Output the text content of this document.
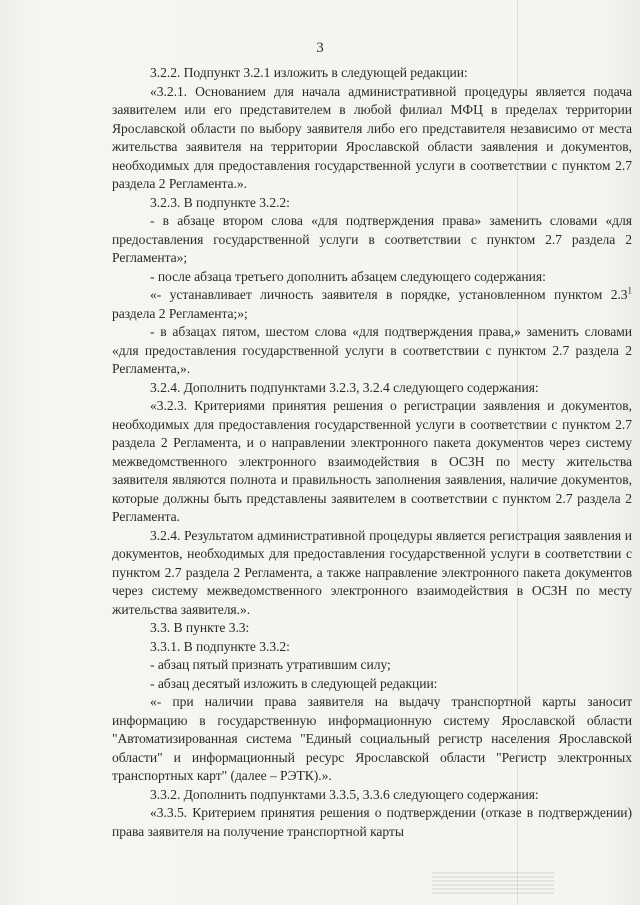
3

3.2.2. Подпункт 3.2.1 изложить в следующей редакции:

«3.2.1. Основанием для начала административной процедуры является подача заявителем или его представителем в любой филиал МФЦ в пределах территории Ярославской области по выбору заявителя либо его представителя независимо от места жительства заявителя на территории Ярославской области заявления и документов, необходимых для предоставления государственной услуги в соответствии с пунктом 2.7 раздела 2 Регламента.».

3.2.3. В подпункте 3.2.2:

- в абзаце втором слова «для подтверждения права» заменить словами «для предоставления государственной услуги в соответствии с пунктом 2.7 раздела 2 Регламента»;

- после абзаца третьего дополнить абзацем следующего содержания:

«- устанавливает личность заявителя в порядке, установленном пунктом $2.3^1$ раздела 2 Регламента;»;

- в абзацах пятом, шестом слова «для подтверждения права,» заменить словами «для предоставления государственной услуги в соответствии с пунктом 2.7 раздела 2 Регламента,».

3.2.4. Дополнить подпунктами 3.2.3, 3.2.4 следующего содержания:

«3.2.3. Критериями принятия решения о регистрации заявления и документов, необходимых для предоставления государственной услуги в соответствии с пунктом 2.7 раздела 2 Регламента, и о направлении электронного пакета документов через систему межведомственного электронного взаимодействия в ОСЗН по месту жительства заявителя являются полнота и правильность заполнения заявления, наличие документов, которые должны быть представлены заявителем в соответствии с пунктом 2.7 раздела 2 Регламента.

3.2.4. Результатом административной процедуры является регистрация заявления и документов, необходимых для предоставления государственной услуги в соответствии с пунктом 2.7 раздела 2 Регламента, а также направление электронного пакета документов через систему межведомственного электронного взаимодействия в ОСЗН по месту жительства заявителя.».

3.3. В пункте 3.3:

3.3.1. В подпункте 3.3.2:

- абзац пятый признать утратившим силу;

- абзац десятый изложить в следующей редакции:

«- при наличии права заявителя на выдачу транспортной карты заносит информацию в государственную информационную систему Ярославской области "Автоматизированная система "Единый социальный регистр населения Ярославской области" и информационный ресурс Ярославской области "Регистр электронных транспортных карт" (далее – РЭТК).».

3.3.2. Дополнить подпунктами 3.3.5, 3.3.6 следующего содержания:

«3.3.5. Критерием принятия решения о подтверждении (отказе в подтверждении) права заявителя на получение транспортной карты
